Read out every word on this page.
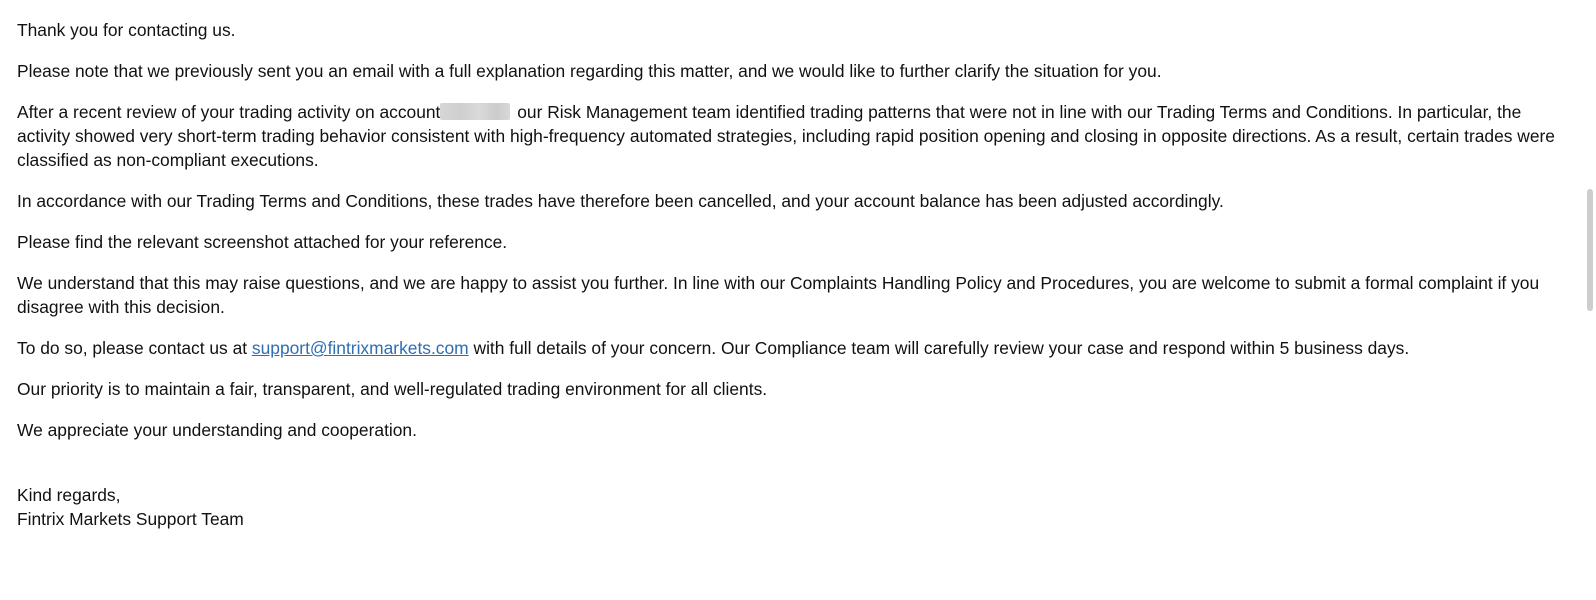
Thank you for contacting us.

Please note that we previously sent you an email with a full explanation regarding this matter, and we would like to further clarify the situation for you.

After a recent review of your trading activity on account	our Risk Management team identified trading patterns that were not in line with our Trading Terms and Conditions. In particular, the activity showed very short-term trading behavior consistent with high-frequency automated strategies, including rapid position opening and closing in opposite directions. As a result, certain trades were classified as non-compliant executions.

In accordance with our Trading Terms and Conditions, these trades have therefore been cancelled, and your account balance has been adjusted accordingly.

Please find the relevant screenshot attached for your reference.

We understand that this may raise questions, and we are happy to assist you further. In line with our Complaints Handling Policy and Procedures, you are welcome to submit a formal complaint if you disagree with this decision.

To do so, please contact us at support@fintrixmarkets.com with full details of your concern. Our Compliance team will carefully review your case and respond within 5 business days.

Our priority is to maintain a fair, transparent, and well-regulated trading environment for all clients.

We appreciate your understanding and cooperation.

Kind regards,
Fintrix Markets Support Team
